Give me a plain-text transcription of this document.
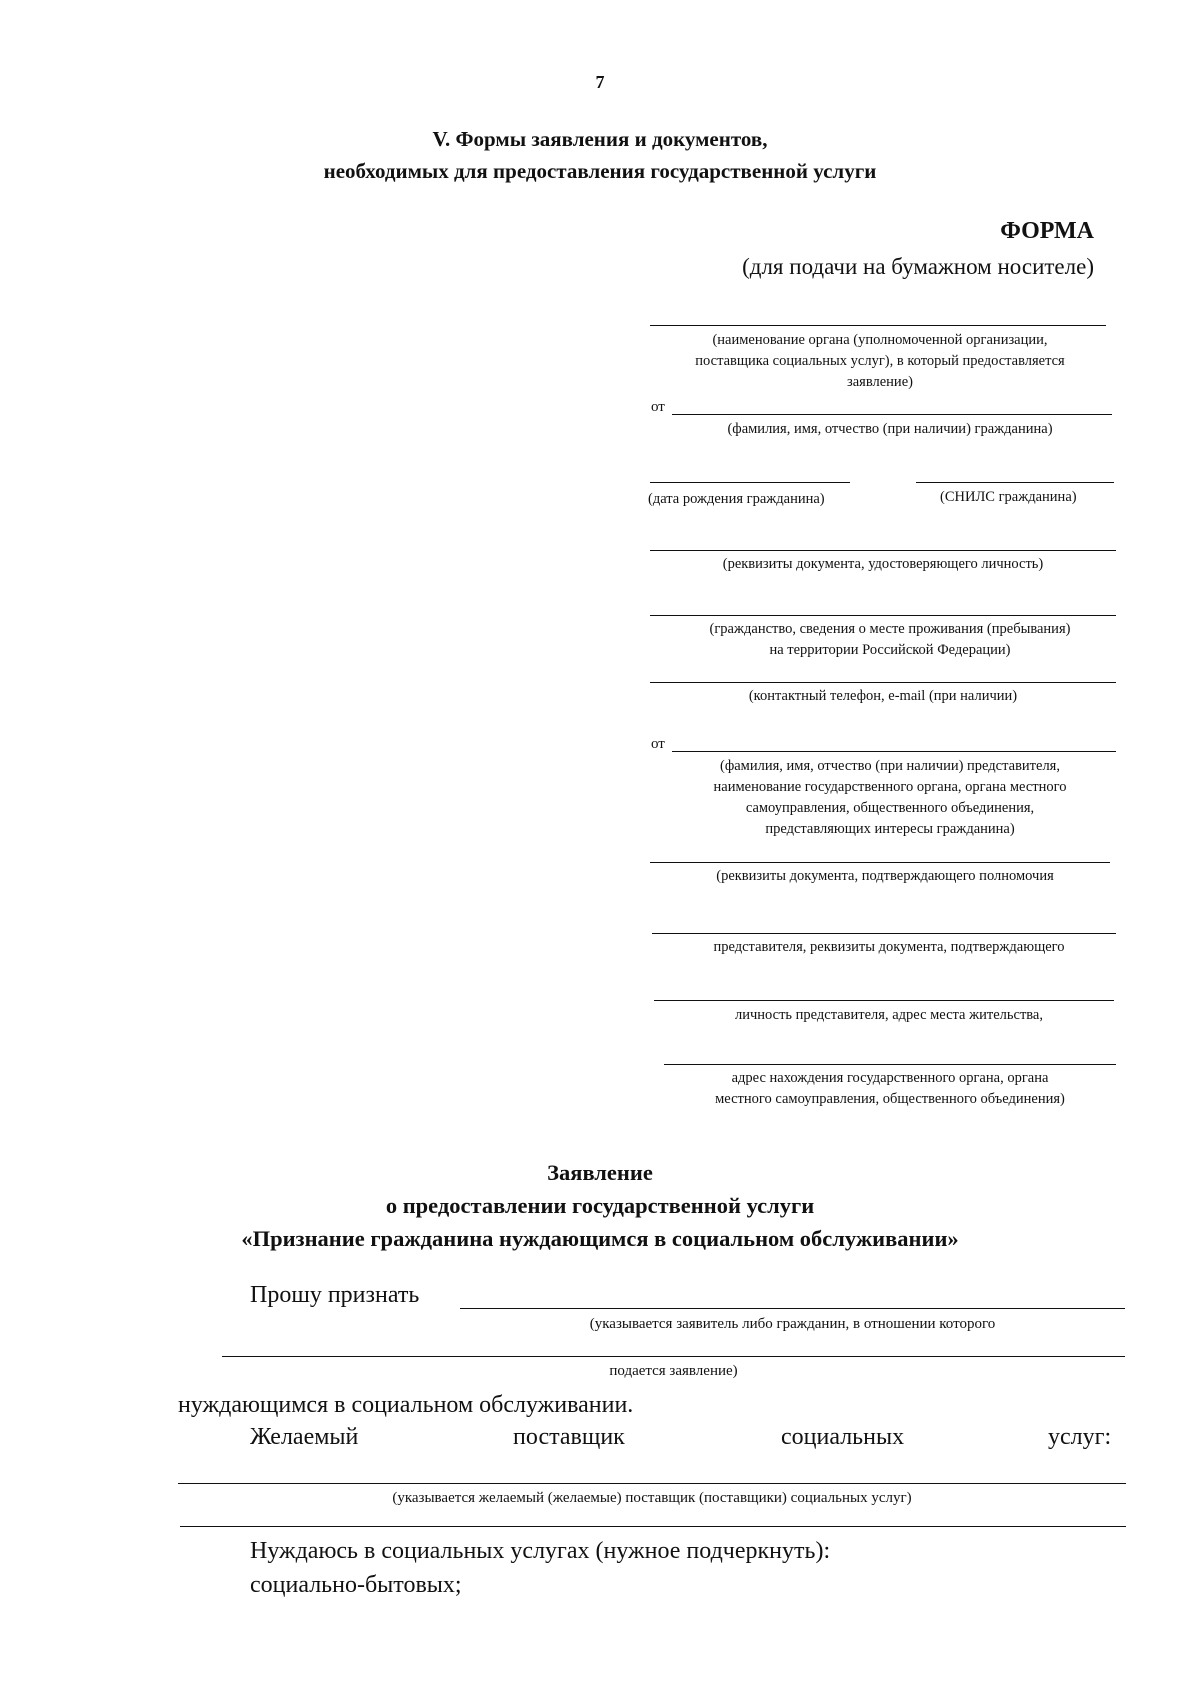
7
V. Формы заявления и документов,
необходимых для предоставления государственной услуги
ФОРМА
(для подачи на бумажном носителе)
(наименование органа (уполномоченной организации,
поставщика социальных услуг), в который предоставляется
заявление)
от
(фамилия, имя, отчество (при наличии) гражданина)
(дата рождения гражданина)	(СНИЛС гражданина)
(реквизиты документа, удостоверяющего личность)
(гражданство, сведения о месте проживания (пребывания)
на территории Российской Федерации)
(контактный телефон, e-mail (при наличии)
от
(фамилия, имя, отчество (при наличии) представителя,
наименование государственного органа, органа местного
самоуправления, общественного объединения,
представляющих интересы гражданина)
(реквизиты документа, подтверждающего полномочия
представителя, реквизиты документа, подтверждающего
личность представителя, адрес места жительства,
адрес нахождения государственного органа, органа
местного самоуправления, общественного объединения)
Заявление
о предоставлении государственной услуги
«Признание гражданина нуждающимся в социальном обслуживании»
Прошу признать
(указывается заявитель либо гражданин, в отношении которого
подается заявление)
нуждающимся в социальном обслуживании.
Желаемый	поставщик	социальных	услуг:
(указывается желаемый (желаемые) поставщик (поставщики) социальных услуг)
Нуждаюсь в социальных услугах (нужное подчеркнуть):
социально-бытовых;
